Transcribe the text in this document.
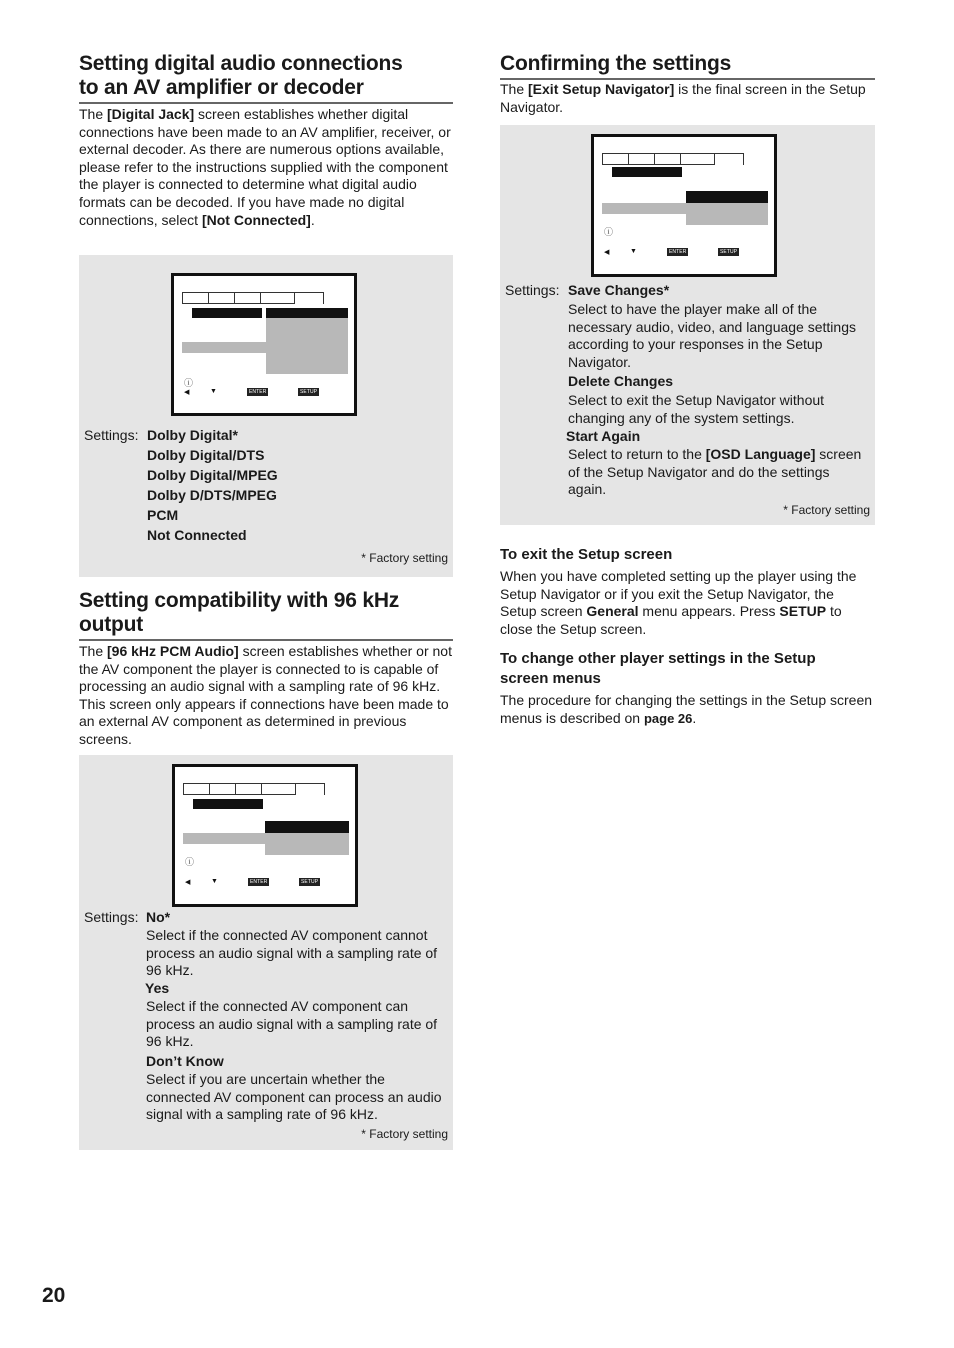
Setting digital audio connections
to an AV amplifier or decoder

The [Digital Jack] screen establishes whether digital connections have been made to an AV amplifier, receiver, or external decoder. As there are numerous options available, please refer to the instructions supplied with the component the player is connected to determine what digital audio formats can be decoded. If you have made no digital connections, select [Not Connected].

ⓘ
◀	▼	ENTER	SETUP
Settings: Dolby Digital*
Dolby Digital/DTS
Dolby Digital/MPEG
Dolby D/DTS/MPEG
PCM
Not Connected
* Factory setting
Setting compatibility with 96 kHz
output

The [96 kHz PCM Audio] screen establishes whether or not the AV component the player is connected to is capable of processing an audio signal with a sampling rate of 96 kHz. This screen only appears if connections have been made to an external AV component as determined in previous screens.

ⓘ
◀	▼	ENTER	SETUP
Settings: No*
Select if the connected AV component cannot process an audio signal with a sampling rate of 96 kHz.
Yes
Select if the connected AV component can process an audio signal with a sampling rate of 96 kHz.
Don’t Know
Select if you are uncertain whether the connected AV component can process an audio signal with a sampling rate of 96 kHz.
* Factory setting
Confirming the settings

The [Exit Setup Navigator] is the final screen in the Setup Navigator.

ⓘ
◀	▼	ENTER	SETUP
Settings: Save Changes*
Select to have the player make all of the necessary audio, video, and language settings according to your responses in the Setup Navigator.
Delete Changes
Select to exit the Setup Navigator without changing any of the system settings.
Start Again
Select to return to the [OSD Language] screen of the Setup Navigator and do the settings again.
* Factory setting
To exit the Setup screen

When you have completed setting up the player using the Setup Navigator or if you exit the Setup Navigator, the Setup screen General menu appears. Press SETUP to close the Setup screen.

To change other player settings in the Setup
screen menus

The procedure for changing the settings in the Setup screen menus is described on page 26.

20
